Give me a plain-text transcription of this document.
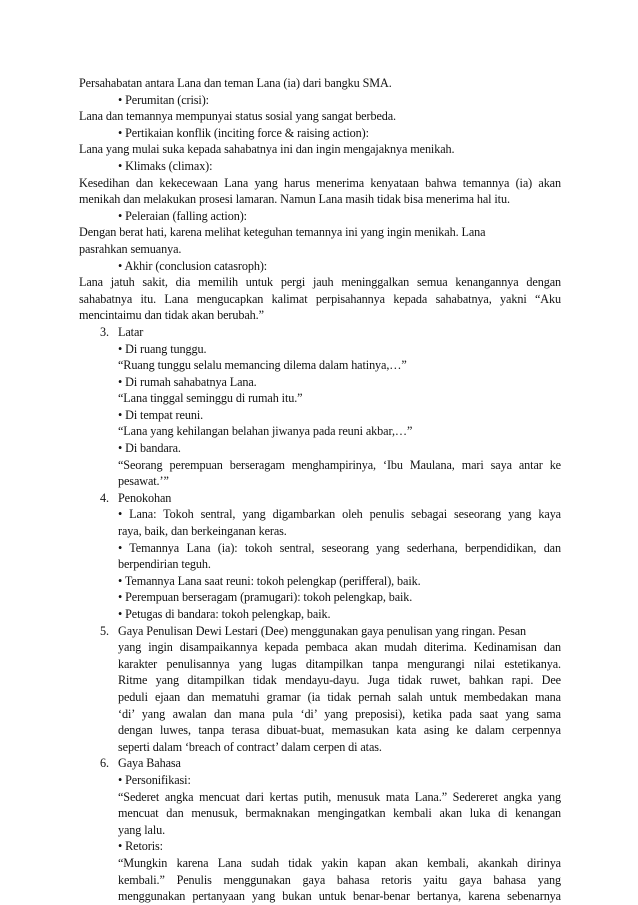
Persahabatan antara Lana dan teman Lana (ia) dari bangku SMA.
• Perumitan (crisi):
Lana dan temannya mempunyai status sosial yang sangat berbeda.
• Pertikaian konflik (inciting force & raising action):
Lana yang mulai suka kepada sahabatnya ini dan ingin mengajaknya menikah.
• Klimaks (climax):
Kesedihan dan kekecewaan Lana yang harus menerima kenyataan bahwa temannya (ia) akan
menikah dan melakukan prosesi lamaran. Namun Lana masih tidak bisa menerima hal itu.
• Peleraian (falling action):
Dengan berat hati, karena melihat keteguhan temannya ini yang ingin menikah. Lana
pasrahkan semuanya.
• Akhir (conclusion catasroph):
Lana jatuh sakit, dia memilih untuk pergi jauh meninggalkan semua kenangannya dengan
sahabatnya itu. Lana mengucapkan kalimat perpisahannya kepada sahabatnya, yakni “Aku
mencintaimu dan tidak akan berubah.”
3. Latar
• Di ruang tunggu.
“Ruang tunggu selalu memancing dilema dalam hatinya,…”
• Di rumah sahabatnya Lana.
“Lana tinggal seminggu di rumah itu.”
• Di tempat reuni.
“Lana yang kehilangan belahan jiwanya pada reuni akbar,…”
• Di bandara.
“Seorang perempuan berseragam menghampirinya, ‘Ibu Maulana, mari saya antar ke
pesawat.’”
4. Penokohan
• Lana: Tokoh sentral, yang digambarkan oleh penulis sebagai seseorang yang kaya
raya, baik, dan berkeinganan keras.
• Temannya Lana (ia): tokoh sentral, seseorang yang sederhana, berpendidikan, dan
berpendirian teguh.
• Temannya Lana saat reuni: tokoh pelengkap (perifferal), baik.
• Perempuan berseragam (pramugari): tokoh pelengkap, baik.
• Petugas di bandara: tokoh pelengkap, baik.
5. Gaya Penulisan Dewi Lestari (Dee) menggunakan gaya penulisan yang ringan. Pesan
yang ingin disampaikannya kepada pembaca akan mudah diterima. Kedinamisan dan
karakter penulisannya yang lugas ditampilkan tanpa mengurangi nilai estetikanya.
Ritme yang ditampilkan tidak mendayu-dayu. Juga tidak ruwet, bahkan rapi. Dee
peduli ejaan dan mematuhi gramar (ia tidak pernah salah untuk membedakan mana
‘di’ yang awalan dan mana pula ‘di’ yang preposisi), ketika pada saat yang sama
dengan luwes, tanpa terasa dibuat-buat, memasukan kata asing ke dalam cerpennya
seperti dalam ‘breach of contract’ dalam cerpen di atas.
6. Gaya Bahasa
• Personifikasi:
“Sederet angka mencuat dari kertas putih, menusuk mata Lana.” Sedereret angka yang
mencuat dan menusuk, bermaknakan mengingatkan kembali akan luka di kenangan
yang lalu.
• Retoris:
“Mungkin karena Lana sudah tidak yakin kapan akan kembali, akankah dirinya
kembali.” Penulis menggunakan gaya bahasa retoris yaitu gaya bahasa yang
menggunakan pertanyaan yang bukan untuk benar-benar bertanya, karena sebenarnya
